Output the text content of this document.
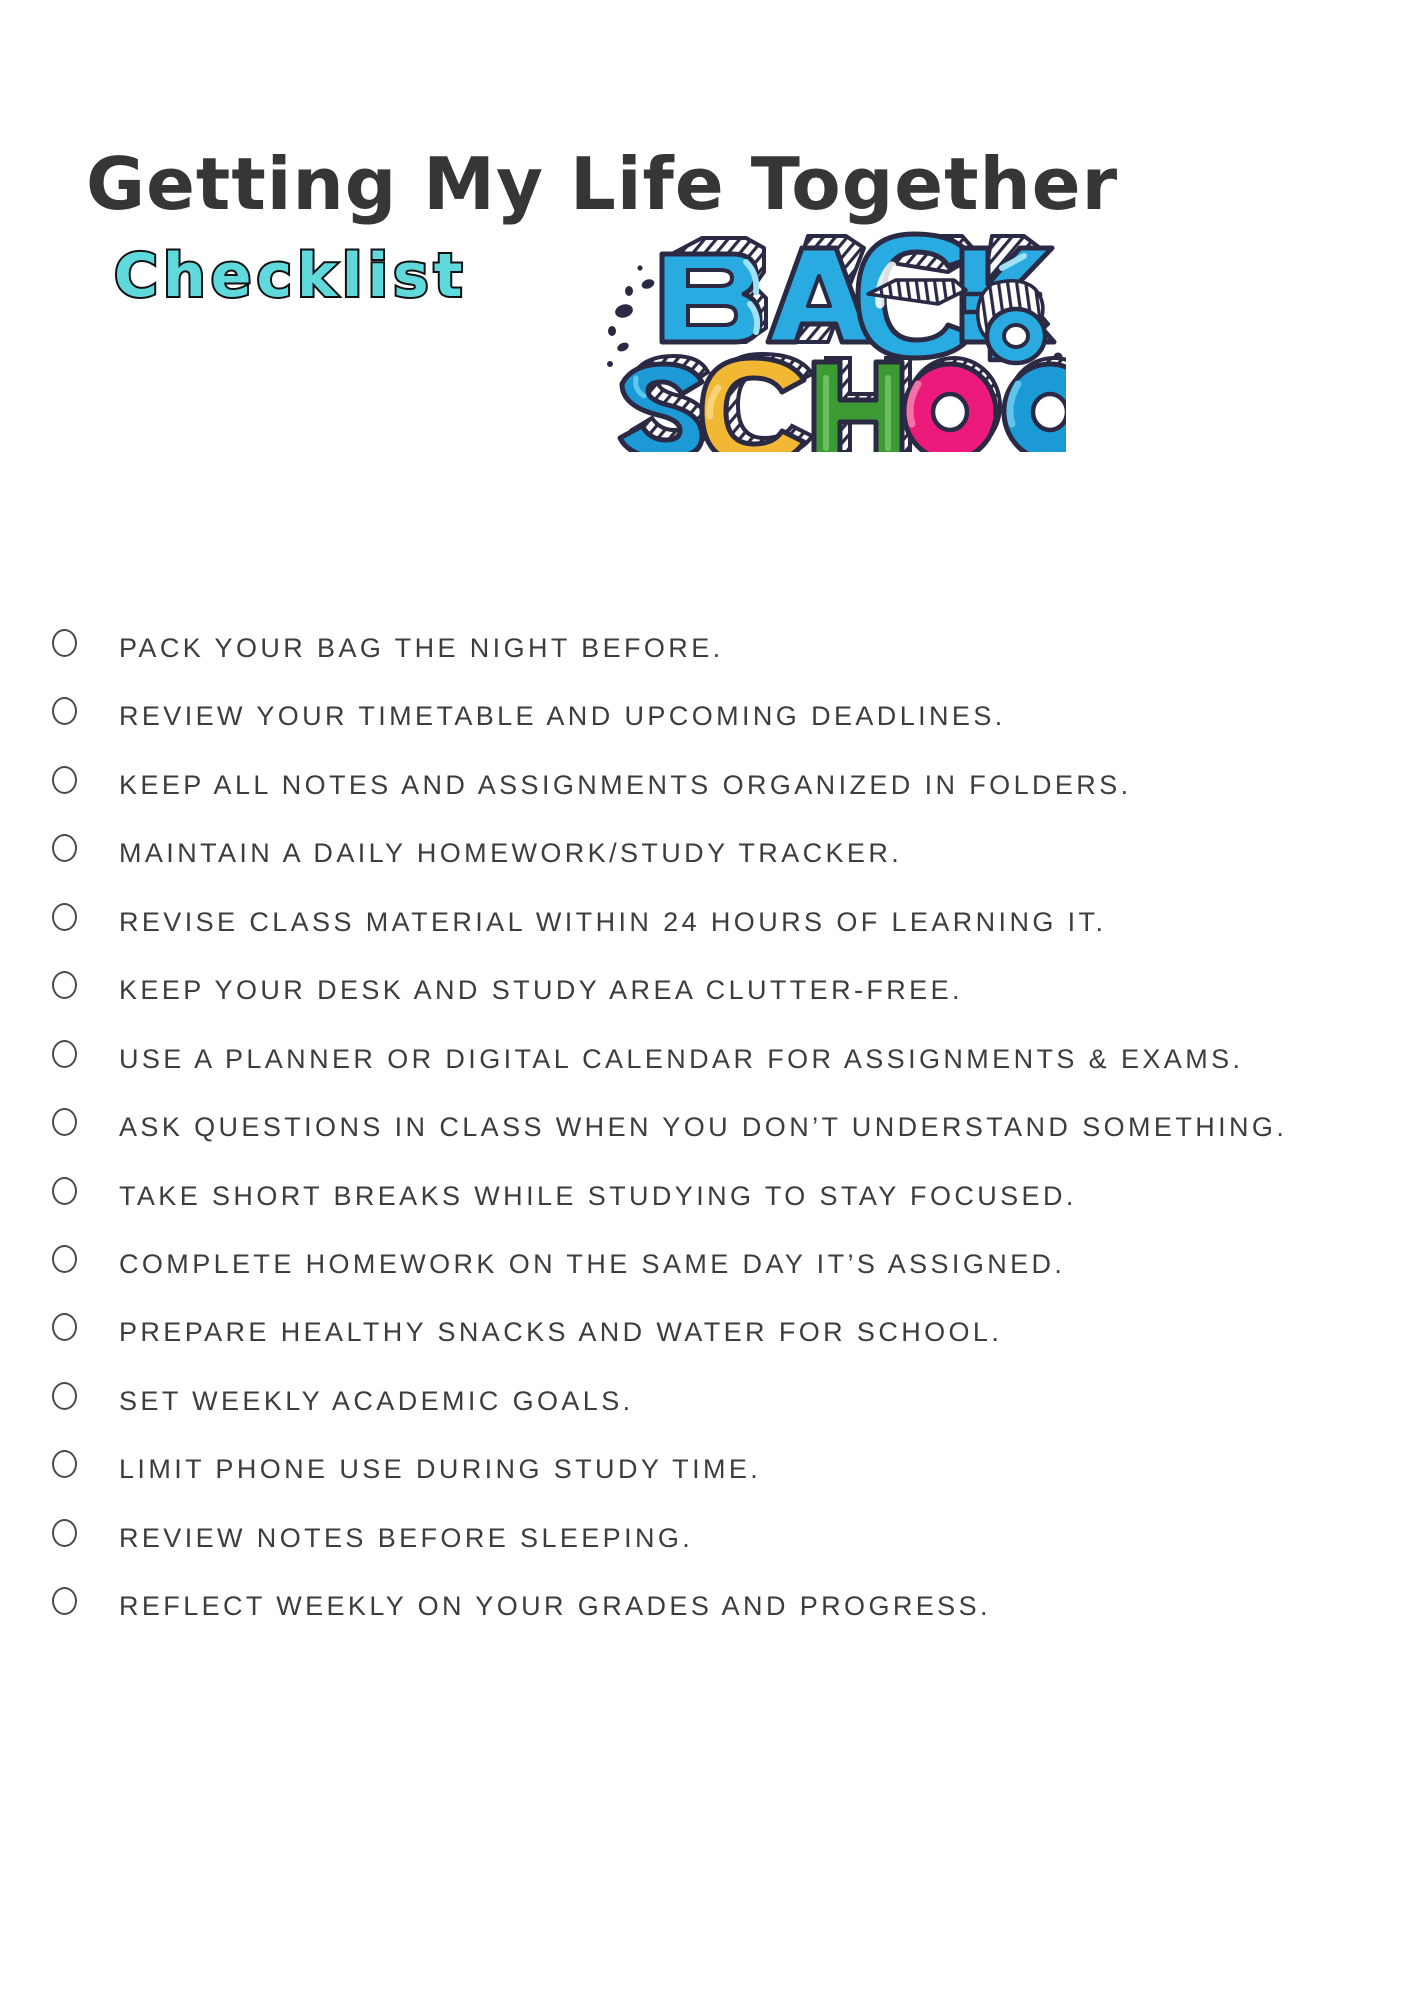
Getting My Life Together
Checklist
PACK YOUR BAG THE NIGHT BEFORE.
REVIEW YOUR TIMETABLE AND UPCOMING DEADLINES.
KEEP ALL NOTES AND ASSIGNMENTS ORGANIZED IN FOLDERS.
MAINTAIN A DAILY HOMEWORK/STUDY TRACKER.
REVISE CLASS MATERIAL WITHIN 24 HOURS OF LEARNING IT.
KEEP YOUR DESK AND STUDY AREA CLUTTER-FREE.
USE A PLANNER OR DIGITAL CALENDAR FOR ASSIGNMENTS & EXAMS.
ASK QUESTIONS IN CLASS WHEN YOU DON’T UNDERSTAND SOMETHING.
TAKE SHORT BREAKS WHILE STUDYING TO STAY FOCUSED.
COMPLETE HOMEWORK ON THE SAME DAY IT’S ASSIGNED.
PREPARE HEALTHY SNACKS AND WATER FOR SCHOOL.
SET WEEKLY ACADEMIC GOALS.
LIMIT PHONE USE DURING STUDY TIME.
REVIEW NOTES BEFORE SLEEPING.
REFLECT WEEKLY ON YOUR GRADES AND PROGRESS.
